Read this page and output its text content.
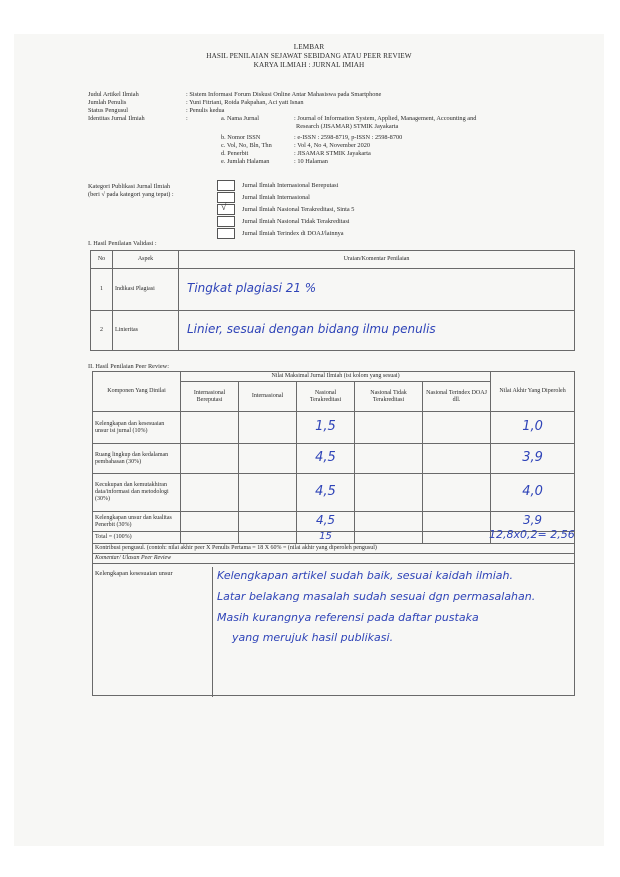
LEMBAR
HASIL PENILAIAN SEJAWAT SEBIDANG ATAU PEER REVIEW
KARYA ILMIAH : JURNAL IMIAH
Judul Artikel Ilmiah	: Sistem Informasi Forum Diskusi Online Antar Mahasiswa pada Smartphone
Jumlah Penulis	: Yuni Fitriani, Roida Pakpahan, Aci yatt Isnan
Status Pengusul	: Penulis kedua
Identitas Jurnal Ilmiah	:	a. Nama Jurnal	: Journal of Information System, Applied, Management, Accounting and
Research (JISAMAR) STMIK Jayakarta
b. Nomor ISSN	: e-ISSN : 2598-8719, p-ISSN : 2598-8700
c. Vol, No, Bln, Thn	: Vol 4, No 4, November 2020
d. Penerbit	: JISAMAR STMIK Jayakarta
e. Jumlah Halaman	: 10 Halaman
Kategori Publikasi Jurnal Ilmiah
(beri √ pada kategori yang tepat) :
Jurnal Ilmiah Internasional Bereputasi
Jurnal Ilmiah Internasional
√ Jurnal Ilmiah Nasional Terakreditasi, Sinta 5
Jurnal Ilmiah Nasional Tidak Terakreditasi
Jurnal Ilmiah Terindex di DOAJ/lainnya
I. Hasil Penilaian Validasi :
No	Aspek	Uraian/Komentar Penilaian
1	Indikasi Plagiasi	Tingkat plagiasi 21 %
2	Linieritas	Linier, sesuai dengan bidang ilmu penulis
II. Hasil Penilaian Peer Review:
Komponen Yang Dinilai	Nilai Maksimal Jurnal Ilmiah (isi kolom yang sesuai)					Nilai Akhir Yang Diperoleh
	Internasional Bereputasi	Internasional	Nasional Terakreditasi	Nasional Tidak Terakreditasi	Nasional Terindex DOAJ dll.	
Kelengkapan dan kesesuaian unsur isi jurnal (10%)			1,5			1,0
Ruang lingkup dan kedalaman pembahasan (30%)			4,5			3,9
Kecukupan dan kemutakhiran data/informasi dan metodologi (30%)			4,5			4,0
Kelengkapan unsur dan kualitas Penerbit (30%)			4,5			3,9
Total = (100%)			15			
Kontribusi pengusul. (contoh: nilai akhir peer X Penulis Pertama = 18 X 60% = (nilai akhir yang diperoleh pengusul)						
Komentar/ Ulasan Peer Review						

12,8x0,2= 2,56
Kelengkapan kesesuaian unsur	Kelengkapan artikel sudah baik, sesuai kaidah ilmiah.
Latar belakang masalah sudah sesuai dgn permasalahan.
Masih kurangnya referensi pada daftar pustaka
yang merujuk hasil publikasi.
